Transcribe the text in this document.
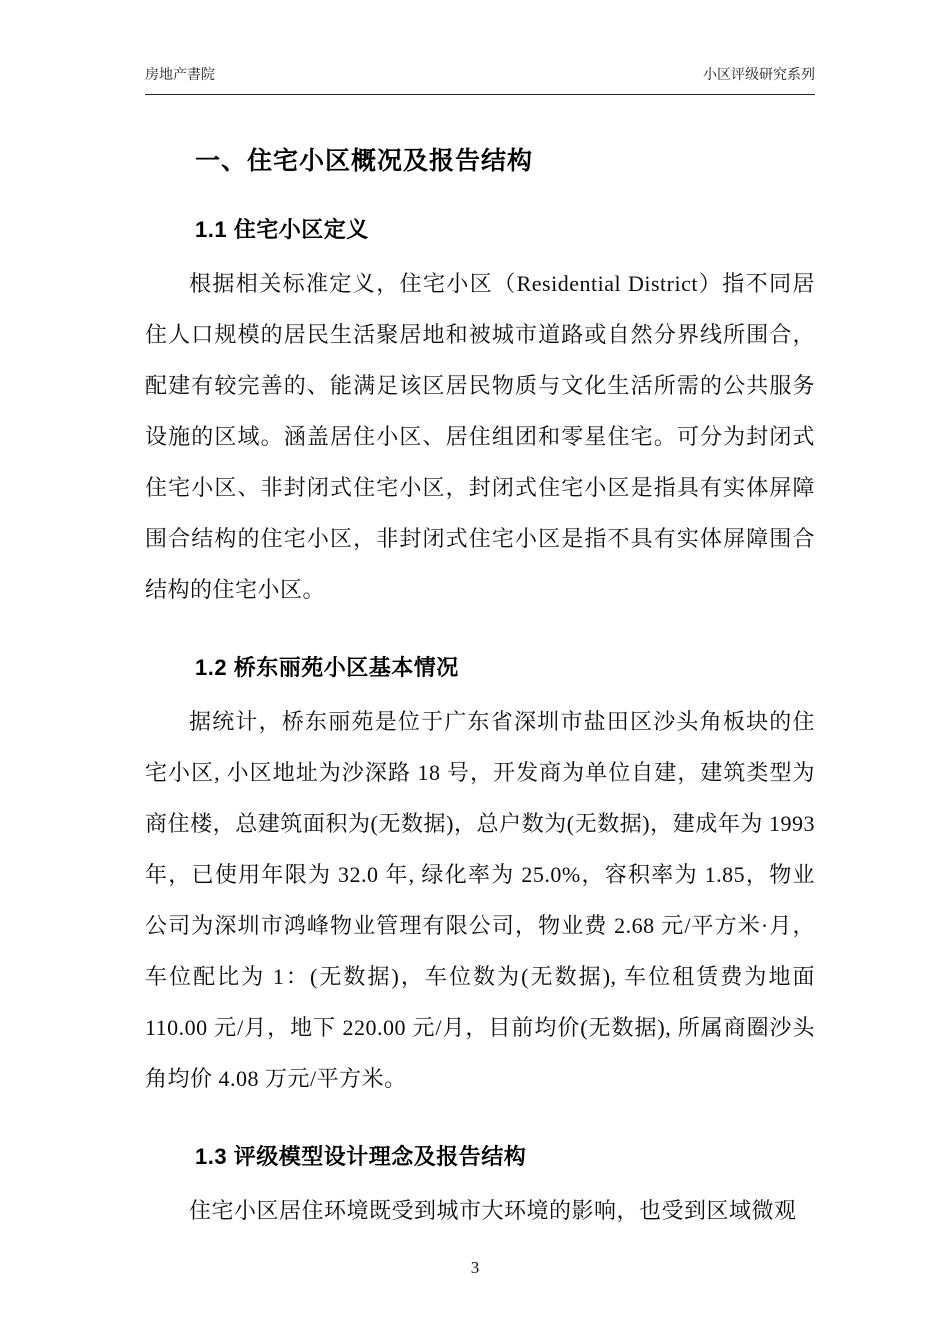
房地产書院	小区评级研究系列
一、住宅小区概况及报告结构
1.1 住宅小区定义

根据相关标准定义，住宅小区（Residential District）指不同居住人口规模的居民生活聚居地和被城市道路或自然分界线所围合，配建有较完善的、能满足该区居民物质与文化生活所需的公共服务设施的区域。涵盖居住小区、居住组团和零星住宅。可分为封闭式住宅小区、非封闭式住宅小区，封闭式住宅小区是指具有实体屏障围合结构的住宅小区，非封闭式住宅小区是指不具有实体屏障围合结构的住宅小区。

1.2 桥东丽苑小区基本情况

据统计，桥东丽苑是位于广东省深圳市盐田区沙头角板块的住宅小区, 小区地址为沙深路 18 号，开发商为单位自建，建筑类型为商住楼，总建筑面积为(无数据)，总户数为(无数据)，建成年为 1993 年，已使用年限为 32.0 年, 绿化率为 25.0%，容积率为 1.85，物业公司为深圳市鸿峰物业管理有限公司，物业费 2.68 元/平方米·月，车位配比为 1：(无数据)，车位数为(无数据), 车位租赁费为地面 110.00 元/月，地下 220.00 元/月，目前均价(无数据), 所属商圈沙头角均价 4.08 万元/平方米。

1.3 评级模型设计理念及报告结构

住宅小区居住环境既受到城市大环境的影响，也受到区域微观

3
